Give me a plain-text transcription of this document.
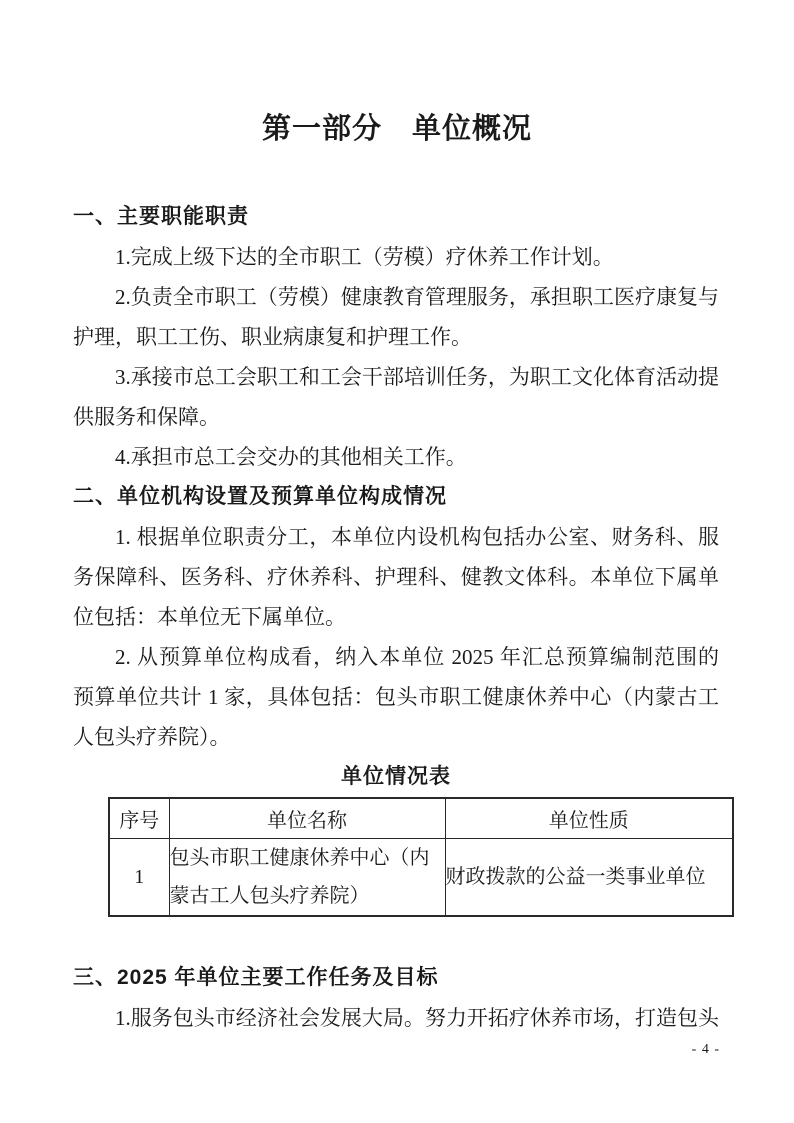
第一部分　单位概况
一、主要职能职责
1.完成上级下达的全市职工（劳模）疗休养工作计划。
2.负责全市职工（劳模）健康教育管理服务，承担职工医疗康复与
护理，职工工伤、职业病康复和护理工作。
3.承接市总工会职工和工会干部培训任务，为职工文化体育活动提
供服务和保障。
4.承担市总工会交办的其他相关工作。
二、单位机构设置及预算单位构成情况
1. 根据单位职责分工，本单位内设机构包括办公室、财务科、服
务保障科、医务科、疗休养科、护理科、健教文体科。本单位下属单
位包括：本单位无下属单位。
2. 从预算单位构成看，纳入本单位 2025 年汇总预算编制范围的
预算单位共计 1 家，具体包括：包头市职工健康休养中心（内蒙古工
人包头疗养院）。
单位情况表
序号	单位名称	单位性质
1	包头市职工健康休养中心（内蒙古工人包头疗养院）	财政拨款的公益一类事业单位
三、2025 年单位主要工作任务及目标
1.服务包头市经济社会发展大局。努力开拓疗休养市场，打造包头
- 4 -
